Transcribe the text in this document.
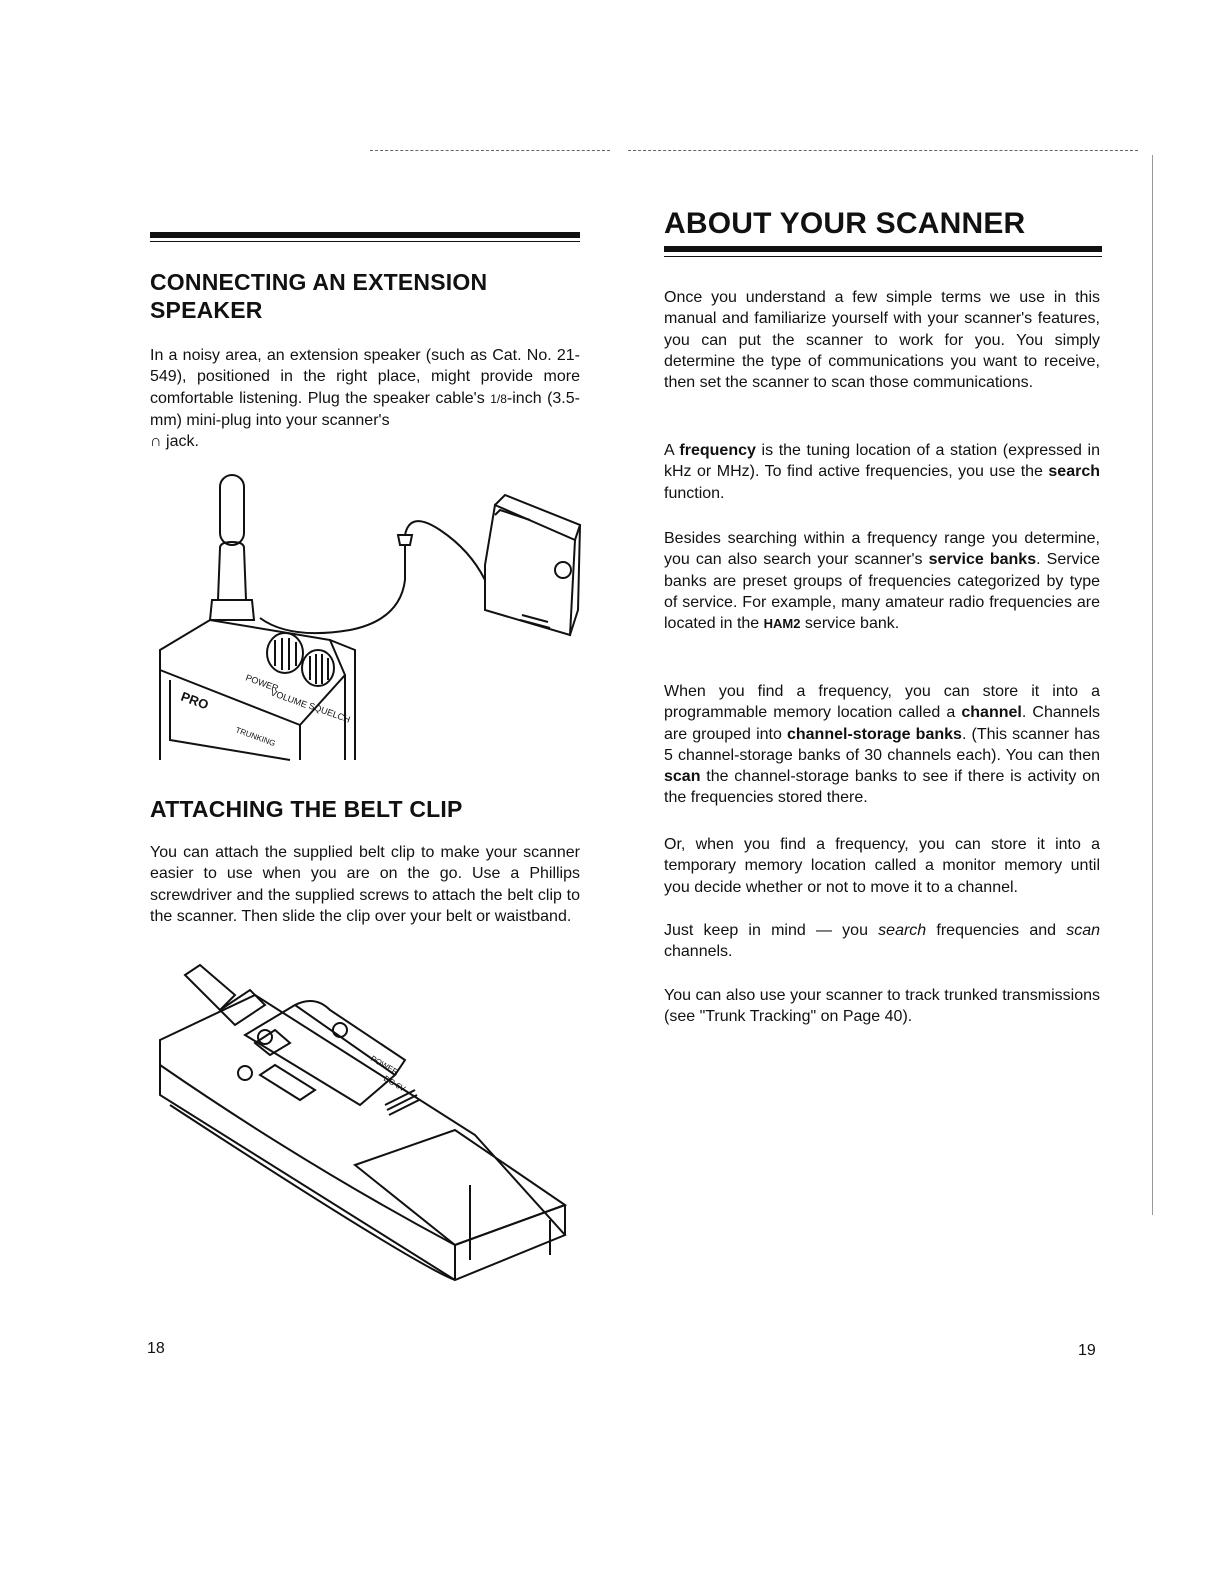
CONNECTING AN EXTENSION
SPEAKER

In a noisy area, an extension speaker (such as Cat. No. 21-549), positioned in the right place, might provide more comfortable listening. Plug the speaker cable's 1/8-inch (3.5-mm) mini-plug into your scanner's
∩ jack.

POWER
VOLUME
SQUELCH
PRO
TRUNKING
ATTACHING THE BELT CLIP

You can attach the supplied belt clip to make your scanner easier to use when you are on the go. Use a Phillips screwdriver and the supplied screws to attach the belt clip to the scanner. Then slide the clip over your belt or waistband.

POWER
DC 6V
18
ABOUT YOUR SCANNER

Once you understand a few simple terms we use in this manual and familiarize yourself with your scanner's features, you can put the scanner to work for you. You simply determine the type of communications you want to receive, then set the scanner to scan those communications.

A frequency is the tuning location of a station (expressed in kHz or MHz). To find active frequencies, you use the search function.

Besides searching within a frequency range you determine, you can also search your scanner's service banks. Service banks are preset groups of frequencies categorized by type of service. For example, many amateur radio frequencies are located in the HAM2 service bank.

When you find a frequency, you can store it into a programmable memory location called a channel. Channels are grouped into channel-storage banks. (This scanner has 5 channel-storage banks of 30 channels each). You can then scan the channel-storage banks to see if there is activity on the frequencies stored there.

Or, when you find a frequency, you can store it into a temporary memory location called a monitor memory until you decide whether or not to move it to a channel.

Just keep in mind — you search frequencies and scan channels.

You can also use your scanner to track trunked transmissions (see "Trunk Tracking" on Page 40).

19
